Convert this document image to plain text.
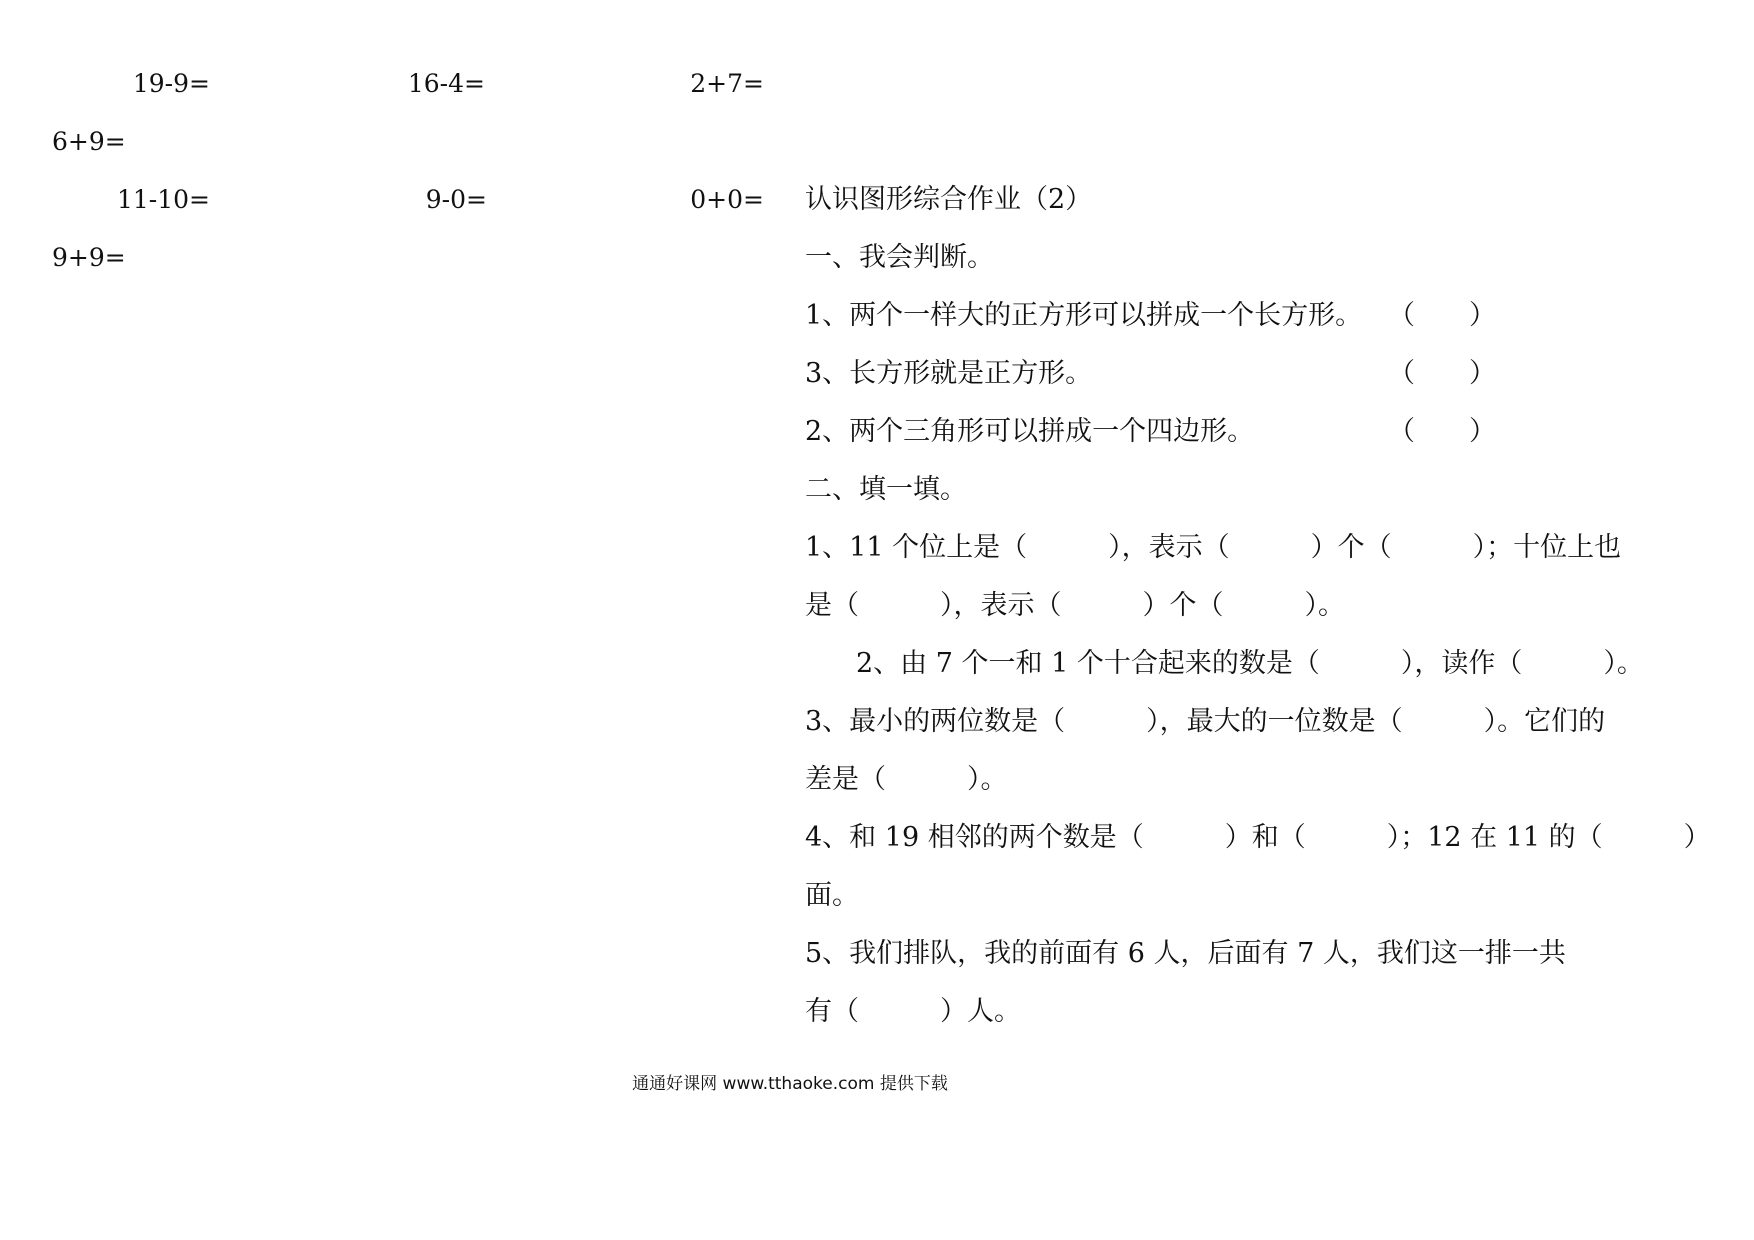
19-9=	16-4=	2+7=
6+9=
11-10=	9-0=	0+0=
9+9=
认识图形综合作业（2）
一、我会判断。
1、两个一样大的正方形可以拼成一个长方形。 （　　）
3、长方形就是正方形。	（　　）
2、两个三角形可以拼成一个四边形。	（　　）
二、填一填。
1、11 个位上是（　　　），表示（　　　）个（　　　）；十位上也
是（　　　），表示（　　　）个（　　　）。
2、由 7 个一和 1 个十合起来的数是（　　　），读作（　　　）。
3、最小的两位数是（　　　），最大的一位数是（　　　）。它们的
差是（　　　）。
4、和 19 相邻的两个数是（　　　）和（　　　）；12 在 11 的（　　　）
面。
5、我们排队，我的前面有 6 人，后面有 7 人，我们这一排一共
有（　　　）人。
通通好课网 www.tthaoke.com 提供下载
